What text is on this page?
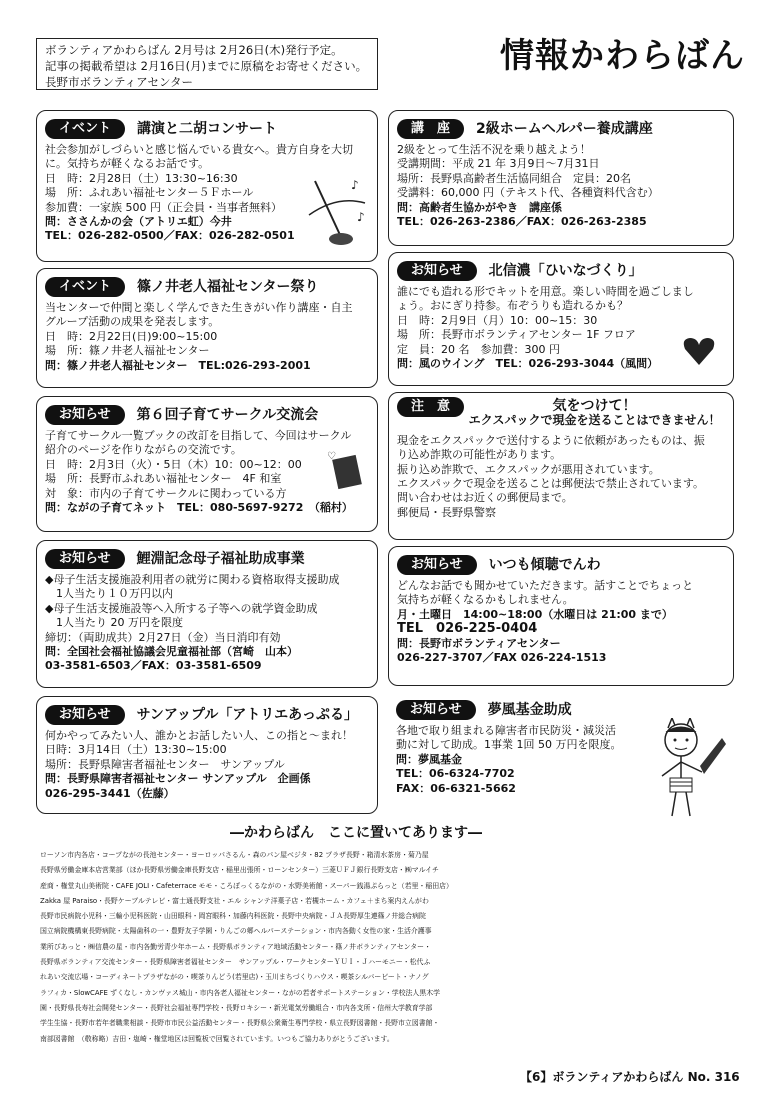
ボランティアかわらばん 2月号は 2月26日(木)発行予定。
記事の掲載希望は 2月16日(月)までに原稿をお寄せください。
長野市ボランティアセンター
情報かわらばん
イベント	講演と二胡コンサート
社会参加がしづらいと感じ悩んでいる貴女へ。貴方自身を大切
に。気持ちが軽くなるお話です。
日　時：2月28日（土）13:30~16:30
場　所：ふれあい福祉センター５Ｆホール
参加費：一家族 500 円（正会員・当事者無料）
問：ささんかの会（アトリエ虹）今井
TEL：026-282-0500／FAX：026-282-0501
♪
♪
イベント	篠ノ井老人福祉センター祭り
当センターで仲間と楽しく学んできた生きがい作り講座・自主
グループ活動の成果を発表します。
日　時：2月22日(日)9:00~15:00
場　所：篠ノ井老人福祉センター
問：篠ノ井老人福祉センター　TEL:026-293-2001
お知らせ	第６回子育てサークル交流会
子育てサークル一覧ブックの改訂を目指して、今回はサークル
紹介のページを作りながらの交流です。
日　時：2月3日（火）・5日（木）10：00~12：00
場　所：長野市ふれあい福祉センター　4F 和室
対　象：市内の子育てサークルに関わっている方
問：ながの子育てネット　TEL：080-5697-9272　（稲村）
♡
お知らせ	鯉淵記念母子福祉助成事業
◆母子生活支援施設利用者の就労に関わる資格取得支援助成
　1人当たり１０万円以内
◆母子生活支援施設等へ入所する子等への就学資金助成
　1人当たり 20 万円を限度
締切：（両助成共）2月27日（金）当日消印有効
問：全国社会福祉協議会児童福祉部（宮崎　山本）
03-3581-6503／FAX：03-3581-6509
お知らせ	サンアップル「アトリエあっぷる」
何かやってみたい人、誰かとお話したい人、この指と～まれ！
日時：3月14日（土）13:30~15:00
場所：長野県障害者福祉センター　サンアップル
問：長野県障害者福祉センター サンアップル　企画係
026-295-3441（佐藤）
講　座	2級ホームヘルパー養成講座
2級をとって生活不況を乗り越えよう！
受講期間：平成 21 年 3月9日～7月31日
場所：長野県高齢者生活協同組合　定員：20名
受講料：60,000 円（テキスト代、各種資料代含む）
問：高齢者生協かがやき　講座係
TEL：026-263-2386／FAX：026-263-2385
お知らせ	北信濃「ひいなづくり」
誰にでも造れる形でキットを用意。楽しい時間を過ごしまし
ょう。おにぎり持参。布ぞうりも造れるかも？
日　時：2月9日（月）10：00~15：30
場　所：長野市ボランティアセンター 1F フロア
定　員：20 名　参加費：300 円
問：風のウイング　TEL：026-293-3044（風間）
注　意	気をつけて！
エクスパックで現金を送ることはできません！
現金をエクスパックで送付するように依頼があったものは、振
り込め詐欺の可能性があります。
振り込め詐欺で、エクスパックが悪用されています。
エクスパックで現金を送ることは郵便法で禁止されています。
問い合わせはお近くの郵便局まで。
郵便局・長野県警察
お知らせ	いつも傾聴でんわ
どんなお話でも聞かせていただきます。話すことでちょっと
気持ちが軽くなるかもしれません。
月・土曜日　14:00~18:00（水曜日は 21:00 まで）
TEL　026-225-0404
問：長野市ボランティアセンター
026-227-3707／FAX 026-224-1513
お知らせ	夢風基金助成
各地で取り組まれる障害者市民防災・減災活
動に対して助成。1事業 1回 50 万円を限度。
問：夢風基金
TEL：06-6324-7702
FAX：06-6321-5662
―かわらばん　ここに置いてあります―
ローソン市内各店・コープながの長池センター・ヨーロッパさるん・森のパン屋ベジタ・82 プラザ長野・箱清水茶房・菊乃屋
長野県労働金庫本店営業部（ほか長野県労働金庫長野支店・稲里出張所・ローンセンター）三菱ＵＦＪ銀行長野支店・㈱マルイチ
産商・権堂丸山美術院・CAFE JOLI・Cafeterrace モモ・ころぼっくるながの・水野美術館・スーパー銭湯ぷらっと（若里・稲田店）
Zakka 屋 Paraiso・長野ケーブルテレビ・富士通長野支社・エル シャンテ洋菓子店・若槻ホーム・カフェ＋まち案内えんがわ
長野市民病院小児科・三輪小児科医院・山田眼科・岡宮眼科・加藤内科医院・長野中央病院・ＪＡ長野厚生連篠ノ井総合病院
国立病院機構東長野病院・太陽歯科の一・豊野友子学園・りんごの郷ヘルパーステーション・市内各動く女性の家・生活介護事
業所ぴあっと・㈱信農の星・市内各勤労青少年ホーム・長野県ボランティア地域活動センター・篠ノ井ボランティアセンター・
長野県ボランティア交流センター・長野県障害者福祉センター　サンアップル・ワークセンターＹＵＩ・Ｊハーモニー・松代ふ
れあい交流広場・コーディネートプラザながの・喫茶りんどう(若里店)・玉川まちづくりハウス・喫茶シルバービート・ナノグ
ラフィカ・SlowCAFE ずくなし・カンヴァス城山・市内各老人福祉センター・ながの若者サポートステーション・学校法人黒木学
園・長野県長寿社会開発センター・長野社会福祉専門学校・長野ロキシー・新光電気労働組合・市内各支所・信州大学教育学部
学生生協・長野市若年者職業相談・長野市市民公益活動センター・長野県公衆衛生専門学校・県立長野図書館・長野市立図書館・
南部図書館　（敬称略）吉田・塩崎・権堂地区は回覧板で回覧されています。いつもご協力ありがとうございます。
【6】ボランティアかわらばん No. 316
